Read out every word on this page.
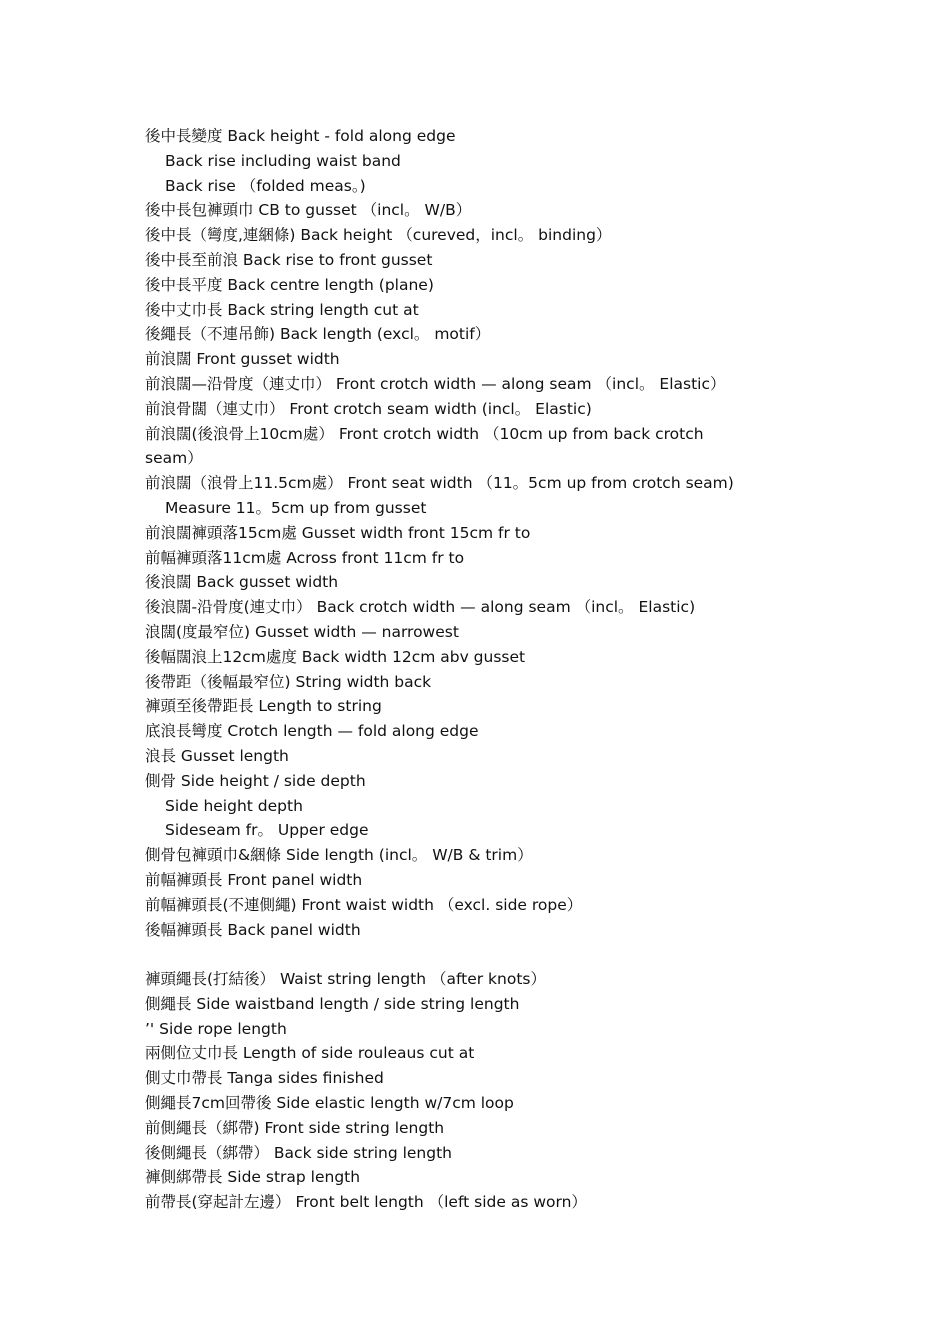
後中長變度 Back height - fold along edge
Back rise including waist band
Back rise （folded meas。)
後中長包褲頭巾 CB to gusset （incl。 W/B）
後中長（彎度,連綑條) Back height （cureved，incl。 binding）
後中長至前浪 Back rise to front gusset
後中長平度 Back centre length (plane)
後中丈巾長 Back string length cut at
後繩長（不連吊飾) Back length (excl。 motif）
前浪闊 Front gusset width
前浪闊—沿骨度（連丈巾） Front crotch width — along seam （incl。 Elastic）
前浪骨闊（連丈巾） Front crotch seam width (incl。 Elastic)
前浪闊(後浪骨上10cm處） Front crotch width （10cm up from back crotch
seam）
前浪闊（浪骨上11.5cm處） Front seat width （11。5cm up from crotch seam)
Measure 11。5cm up from gusset
前浪闊褲頭落15cm處 Gusset width front 15cm fr to
前幅褲頭落11cm處 Across front 11cm fr to
後浪闊 Back gusset width
後浪闊-沿骨度(連丈巾） Back crotch width — along seam （incl。 Elastic)
浪闊(度最窄位) Gusset width — narrowest
後幅闊浪上12cm處度 Back width 12cm abv gusset
後帶距（後幅最窄位) String width back
褲頭至後帶距長 Length to string
底浪長彎度 Crotch length — fold along edge
浪長 Gusset length
側骨 Side height / side depth
Side height depth
Sideseam fr。 Upper edge
側骨包褲頭巾&綑條 Side length (incl。 W/B & trim）
前幅褲頭長 Front panel width
前幅褲頭長(不連側繩) Front waist width （excl. side rope）
後幅褲頭長 Back panel width
褲頭繩長(打結後） Waist string length （after knots）
側繩長 Side waistband length / side string length
’' Side rope length
兩側位丈巾長 Length of side rouleaus cut at
側丈巾帶長 Tanga sides finished
側繩長7cm回帶後 Side elastic length w/7cm loop
前側繩長（綁帶) Front side string length
後側繩長（綁帶） Back side string length
褲側綁帶長 Side strap length
前帶長(穿起計左邊） Front belt length （left side as worn）
